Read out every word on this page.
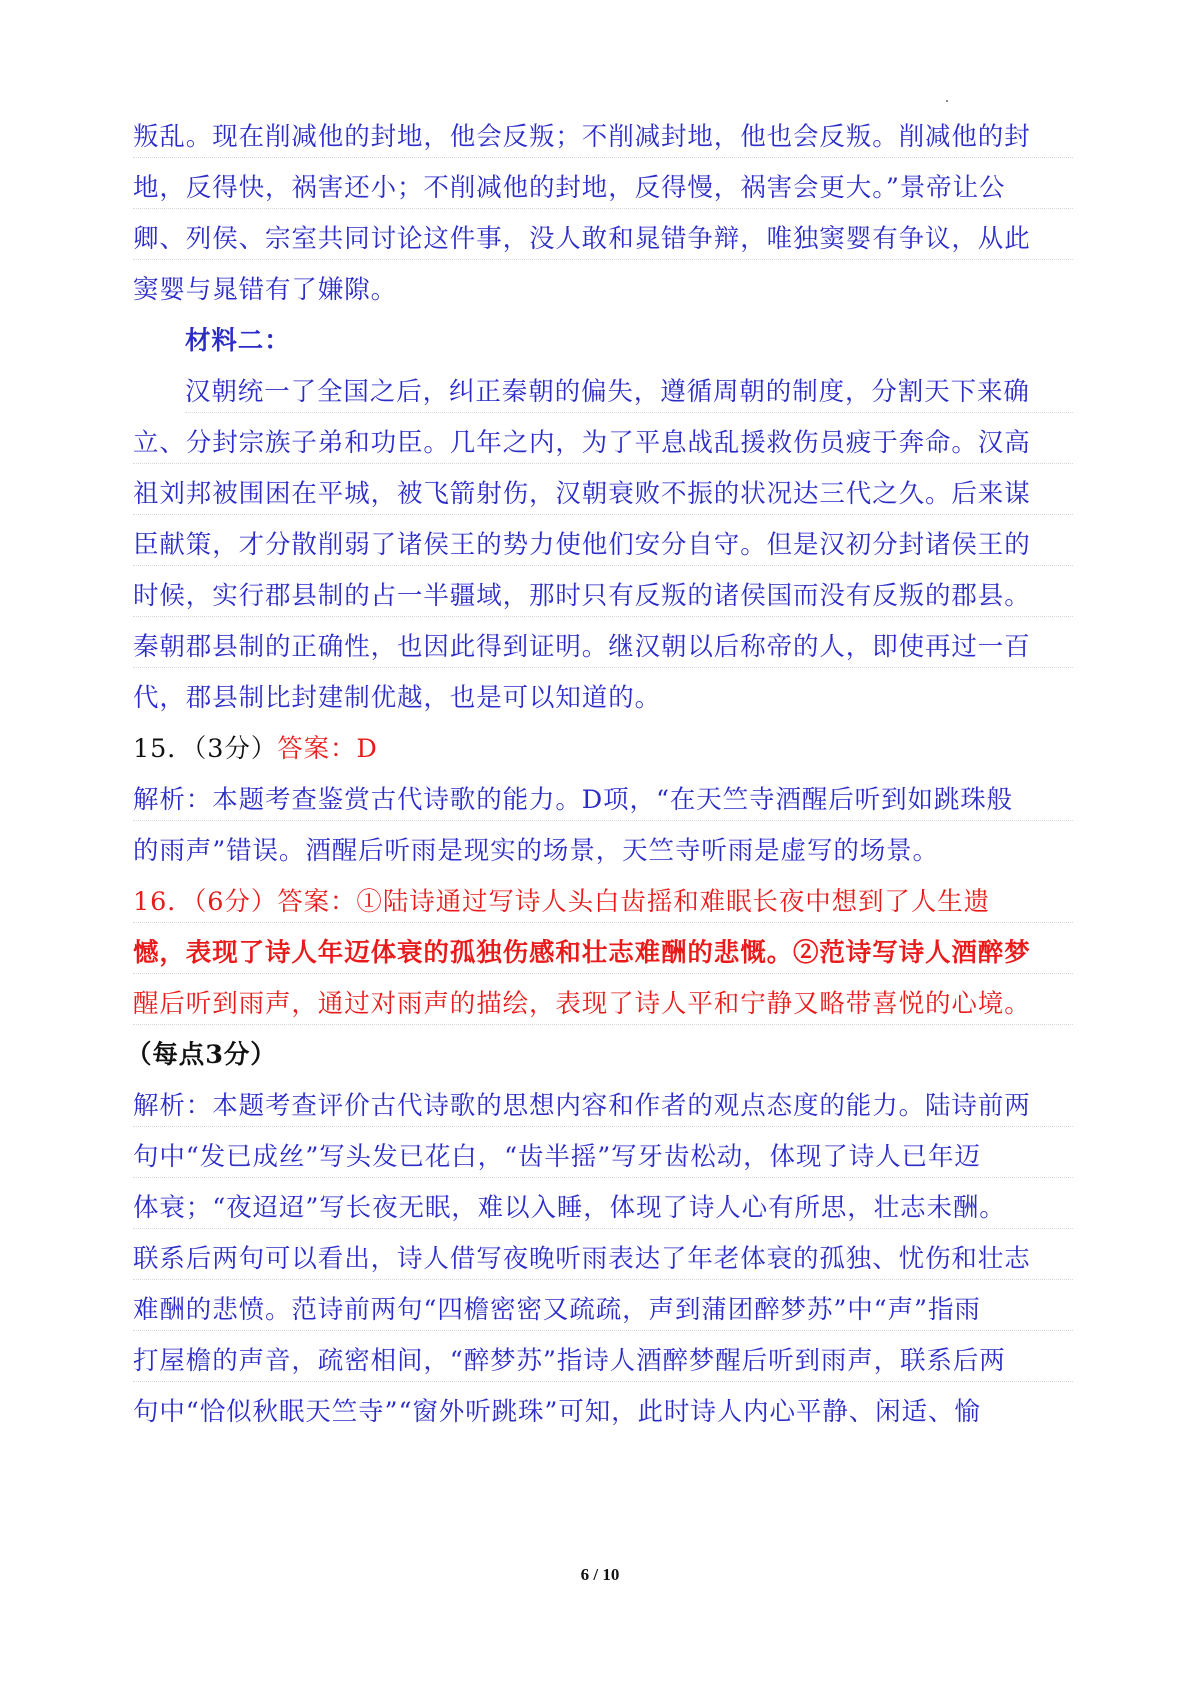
叛乱。现在削减他的封地，他会反叛；不削减封地，他也会反叛。削减他的封
地，反得快，祸害还小；不削减他的封地，反得慢，祸害会更大。”景帝让公
卿、列侯、宗室共同讨论这件事，没人敢和晁错争辩，唯独窦婴有争议，从此
窦婴与晁错有了嫌隙。
材料二：
汉朝统一了全国之后，纠正秦朝的偏失，遵循周朝的制度，分割天下来确
立、分封宗族子弟和功臣。几年之内，为了平息战乱援救伤员疲于奔命。汉高
祖刘邦被围困在平城，被飞箭射伤，汉朝衰败不振的状况达三代之久。后来谋
臣献策，才分散削弱了诸侯王的势力使他们安分自守。但是汉初分封诸侯王的
时候，实行郡县制的占一半疆域，那时只有反叛的诸侯国而没有反叛的郡县。
秦朝郡县制的正确性，也因此得到证明。继汉朝以后称帝的人，即使再过一百
代，郡县制比封建制优越，也是可以知道的。
15．（3分）答案：D
解析：本题考查鉴赏古代诗歌的能力。D项，“在天竺寺酒醒后听到如跳珠般
的雨声”错误。酒醒后听雨是现实的场景，天竺寺听雨是虚写的场景。
16．（6分）答案：①陆诗通过写诗人头白齿摇和难眠长夜中想到了人生遗
憾，表现了诗人年迈体衰的孤独伤感和壮志难酬的悲慨。②范诗写诗人酒醉梦
醒后听到雨声，通过对雨声的描绘，表现了诗人平和宁静又略带喜悦的心境。
（每点3分）
解析：本题考查评价古代诗歌的思想内容和作者的观点态度的能力。陆诗前两
句中“发已成丝”写头发已花白，“齿半摇”写牙齿松动，体现了诗人已年迈
体衰；“夜迢迢”写长夜无眠，难以入睡，体现了诗人心有所思，壮志未酬。
联系后两句可以看出，诗人借写夜晚听雨表达了年老体衰的孤独、忧伤和壮志
难酬的悲愤。范诗前两句“四檐密密又疏疏，声到蒲团醉梦苏”中“声”指雨
打屋檐的声音，疏密相间，“醉梦苏”指诗人酒醉梦醒后听到雨声，联系后两
句中“恰似秋眠天竺寺”“窗外听跳珠”可知，此时诗人内心平静、闲适、愉
6 / 10
